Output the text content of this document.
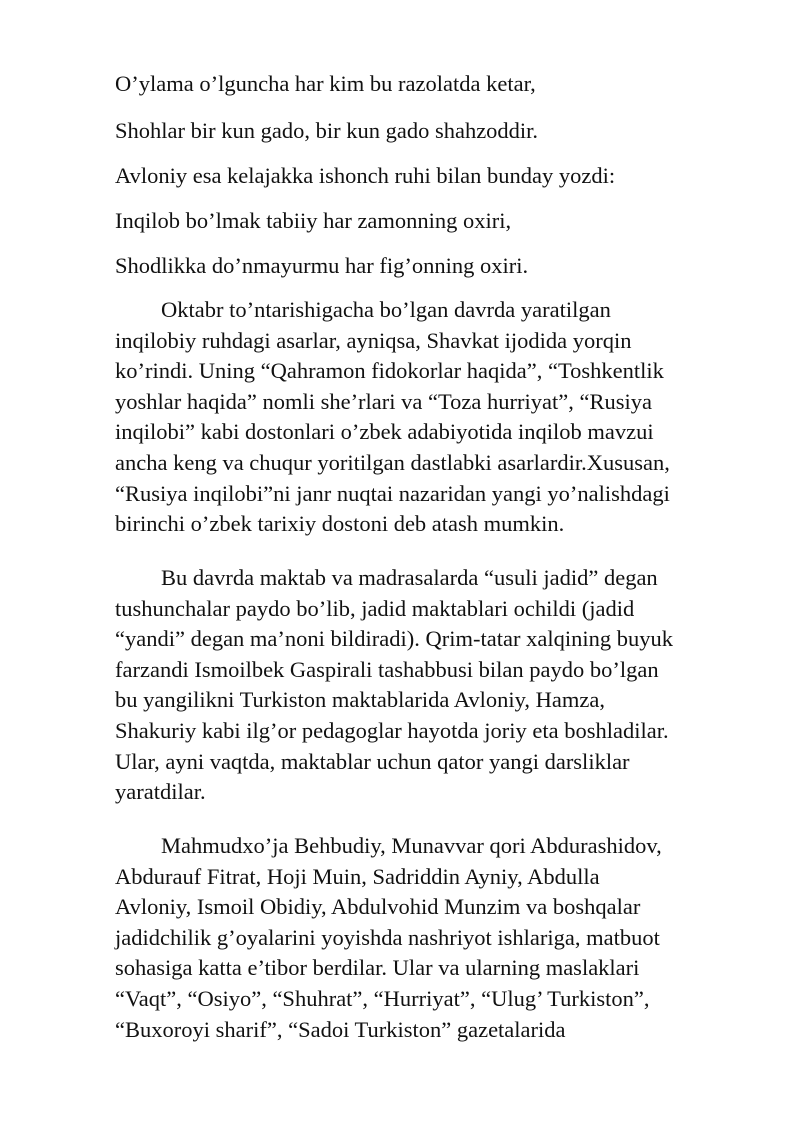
O’ylama o’lguncha har kim bu razolatda ketar,

Shohlar bir kun gado, bir kun gado shahzoddir.

Avloniy esa kelajakka ishonch ruhi bilan bunday yozdi:

Inqilob bo’lmak tabiiy har zamonning oxiri,

Shodlikka do’nmayurmu har fig’onning oxiri.

Oktabr to’ntarishigacha bo’lgan davrda yaratilgan
inqilobiy ruhdagi asarlar, ayniqsa, Shavkat ijodida yorqin
ko’rindi. Uning “Qahramon fidokorlar haqida”, “Toshkentlik
yoshlar haqida” nomli she’rlari va “Toza hurriyat”, “Rusiya
inqilobi” kabi dostonlari o’zbek adabiyotida inqilob mavzui
ancha keng va chuqur yoritilgan dastlabki asarlardir.Xususan,
“Rusiya inqilobi”ni janr nuqtai nazaridan yangi yo’nalishdagi
birinchi o’zbek tarixiy dostoni deb atash mumkin.
Bu davrda maktab va madrasalarda “usuli jadid” degan
tushunchalar paydo bo’lib, jadid maktablari ochildi (jadid
“yandi” degan ma’noni bildiradi). Qrim-tatar xalqining buyuk
farzandi Ismoilbek Gaspirali tashabbusi bilan paydo bo’lgan
bu yangilikni Turkiston maktablarida Avloniy, Hamza,
Shakuriy kabi ilg’or pedagoglar hayotda joriy eta boshladilar.
Ular, ayni vaqtda, maktablar uchun qator yangi darsliklar
yaratdilar.
Mahmudxo’ja Behbudiy, Munavvar qori Abdurashidov,
Abdurauf Fitrat, Hoji Muin, Sadriddin Ayniy, Abdulla
Avloniy, Ismoil Obidiy, Abdulvohid Munzim va boshqalar
jadidchilik g’oyalarini yoyishda nashriyot ishlariga, matbuot
sohasiga katta e’tibor berdilar. Ular va ularning maslaklari
“Vaqt”, “Osiyo”, “Shuhrat”, “Hurriyat”, “Ulug’ Turkiston”,
“Buxoroyi sharif”, “Sadoi Turkiston” gazetalarida
